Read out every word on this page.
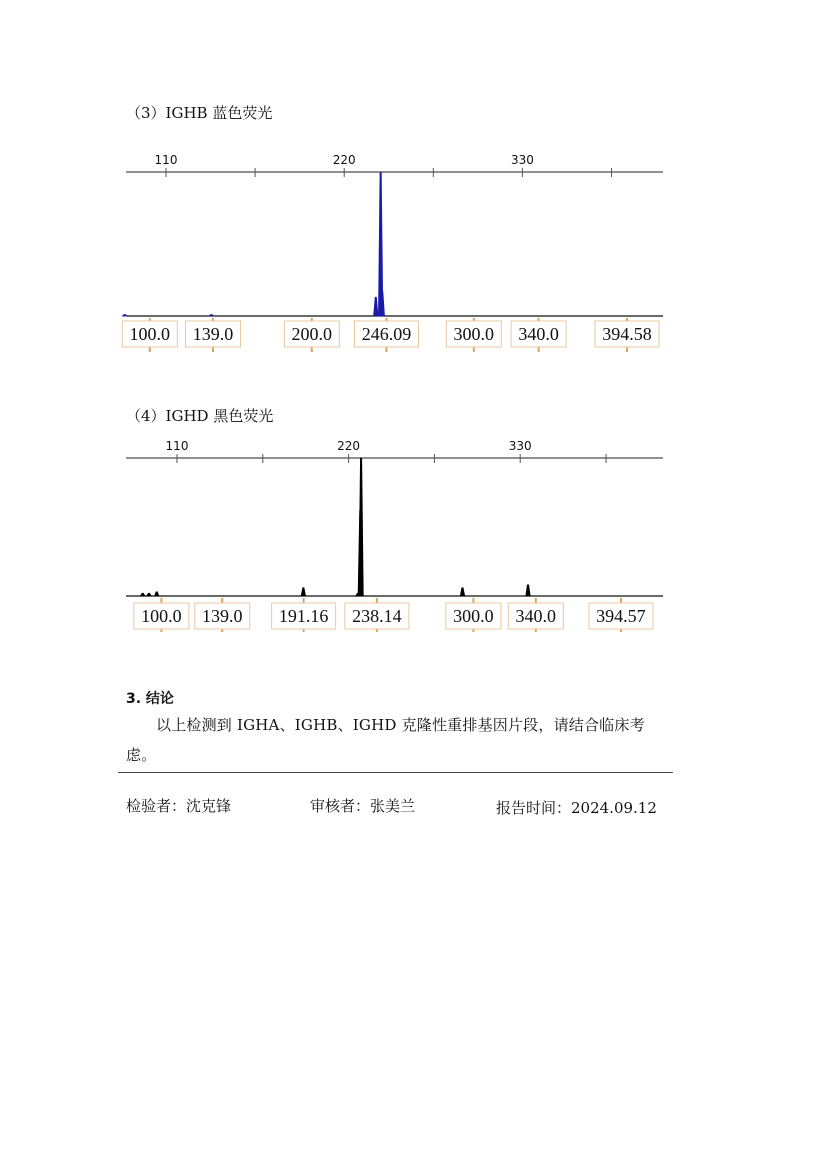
（3）IGHB 蓝色荧光
（4）IGHD 黑色荧光
110	220	330
100.0 139.0	200.0 246.09 300.0 340.0 394.58
110	220	330
100.0 139.0 191.16 238.14	300.0 340.0 394.57
3. 结论
以上检测到 IGHA、IGHB、IGHD 克隆性重排基因片段，请结合临床考虑。
检验者：沈克锋	审核者：张美兰	报告时间：2024.09.12
